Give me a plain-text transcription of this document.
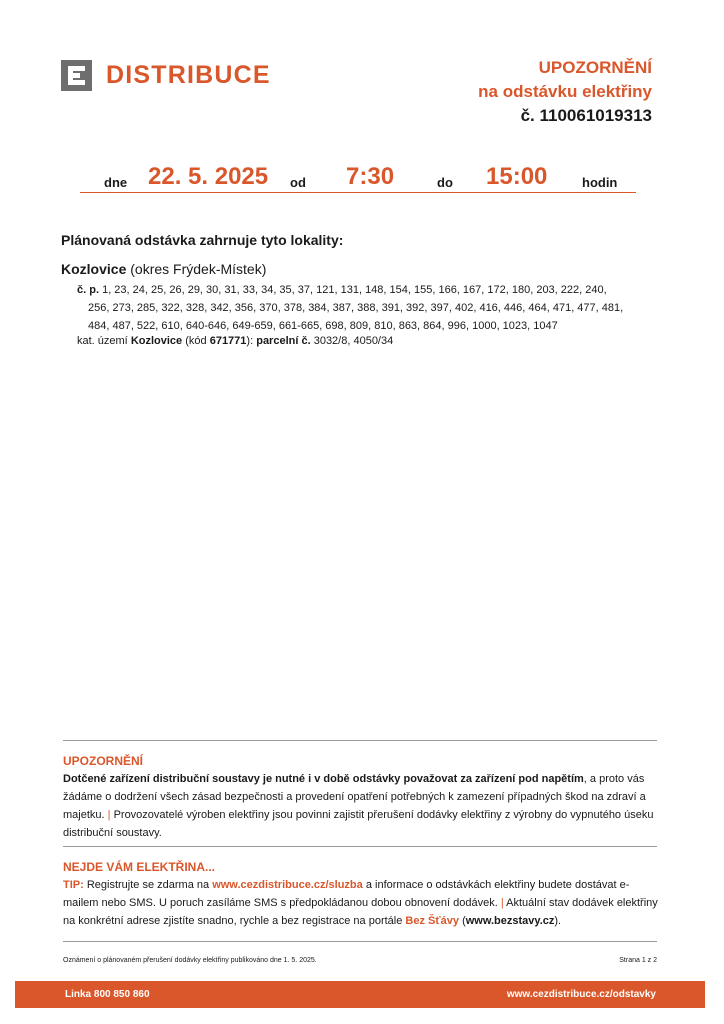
DISTRIBUCE	UPOZORNĚNÍ
na odstávku elektřiny
č. 110061019313
dne 22. 5. 2025 od 7:30	do 15:00	hodin
Plánovaná odstávka zahrnuje tyto lokality:
Kozlovice (okres Frýdek-Místek)
č. p. 1, 23, 24, 25, 26, 29, 30, 31, 33, 34, 35, 37, 121, 131, 148, 154, 155, 166, 167, 172, 180, 203, 222, 240,
256, 273, 285, 322, 328, 342, 356, 370, 378, 384, 387, 388, 391, 392, 397, 402, 416, 446, 464, 471, 477, 481,
484, 487, 522, 610, 640-646, 649-659, 661-665, 698, 809, 810, 863, 864, 996, 1000, 1023, 1047
kat. území Kozlovice (kód 671771): parcelní č. 3032/8, 4050/34
UPOZORNĚNÍ
Dotčené zařízení distribuční soustavy je nutné i v době odstávky považovat za zařízení pod napětím, a proto vás žádáme o dodržení všech zásad bezpečnosti a provedení opatření potřebných k zamezení případných škod na zdraví a majetku. | Provozovatelé výroben elektřiny jsou povinni zajistit přerušení dodávky elektřiny z výrobny do vypnutého úseku distribuční soustavy.
NEJDE VÁM ELEKTŘINA...
TIP: Registrujte se zdarma na www.cezdistribuce.cz/sluzba a informace o odstávkách elektřiny budete dostávat e-mailem nebo SMS. U poruch zasíláme SMS s předpokládanou dobou obnovení dodávek. | Aktuální stav dodávek elektřiny na konkrétní adrese zjistíte snadno, rychle a bez registrace na portále Bez Šťávy (www.bezstavy.cz).
Oznámení o plánovaném přerušení dodávky elektřiny publikováno dne 1. 5. 2025.	Strana 1 z 2
Linka 800 850 860	www.cezdistribuce.cz/odstavky
